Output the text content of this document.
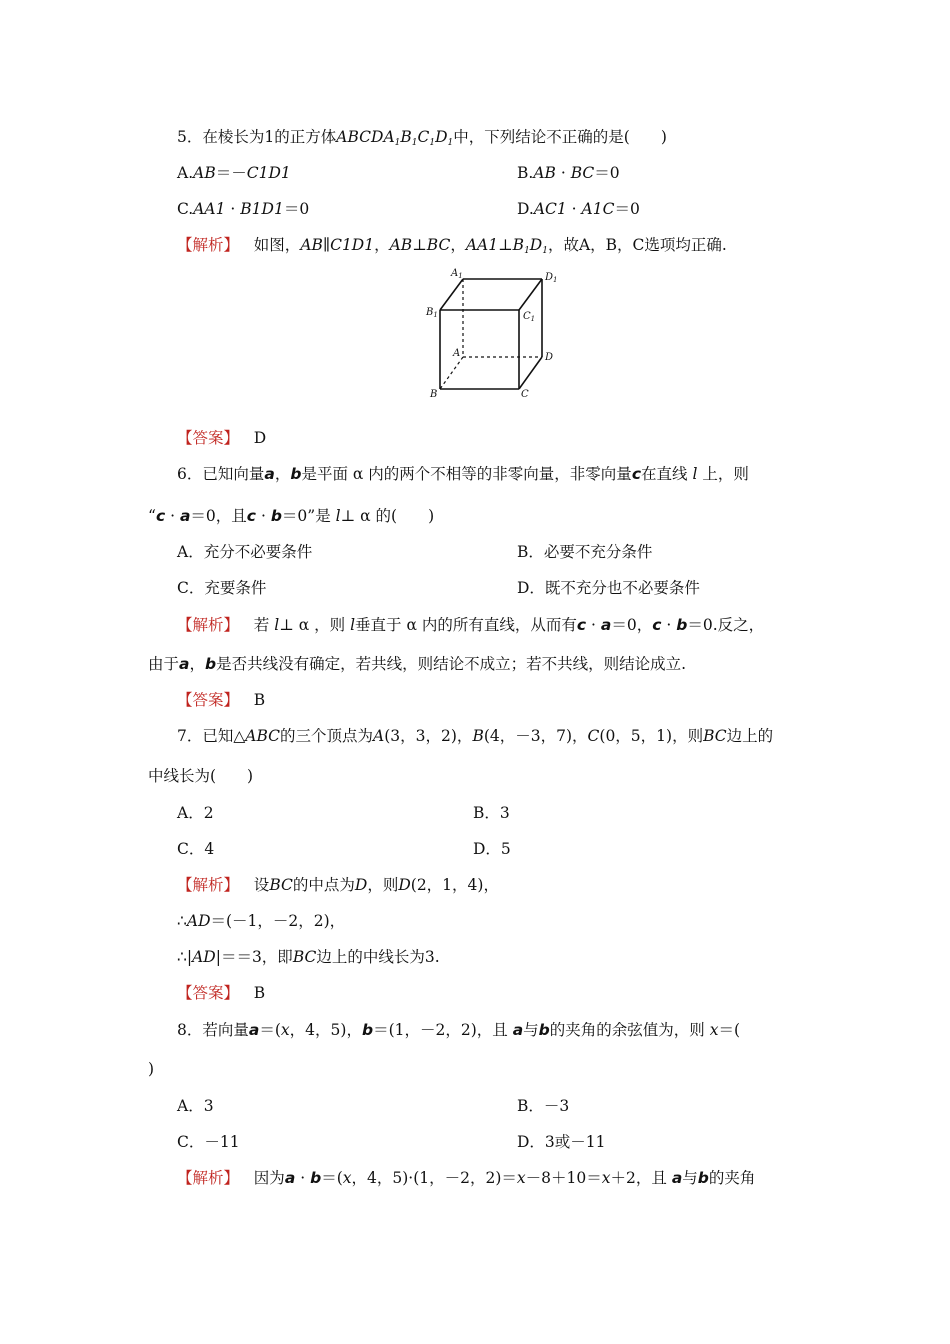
5．在棱长为1的正方体$ABCDA_1B_1C_1D_1$中，下列结论不正确的是(　　)
A.AB＝－C1D1	B.AB · BC＝0
C.AA1 · B1D1＝0	D.AC1 · A1C＝0
【解析】 如图，AB∥C1D1，AB⊥BC，$AA1\perp B_1D_1$，故A，B，C选项均正确.
$A_1$	$D_1$
$B_1$	$C_1$
A	D
B	C
【答案】 D
6．已知向量a，b是平面 α 内的两个不相等的非零向量，非零向量c在直线 l 上，则
“c · a＝0，且c · b＝0”是 l⊥ α 的(　　)
A．充分不必要条件	B．必要不充分条件
C．充要条件	D．既不充分也不必要条件
【解析】 若 l⊥ α ，则 l垂直于 α 内的所有直线，从而有c · a＝0，c · b＝0.反之，
由于a，b是否共线没有确定，若共线，则结论不成立；若不共线，则结论成立.
【答案】 B
7．已知△ABC的三个顶点为A(3，3，2)，B(4，－3，7)，C(0，5，1)，则BC边上的
中线长为(　　)
A．2	B．3
C．4	D．5
【解析】 设BC的中点为D，则D(2，1，4)，
∴AD＝(－1，－2，2)，
∴|AD|＝＝3，即BC边上的中线长为3.
【答案】 B
8．若向量a＝(x，4，5)，b＝(1，－2，2)，且 a与b的夹角的余弦值为，则 x＝(
)
A．3	B．－3
C．－11	D．3或－11
【解析】 因为a · b＝(x，4，5)·(1，－2，2)＝x－8＋10＝x＋2，且 a与b的夹角
